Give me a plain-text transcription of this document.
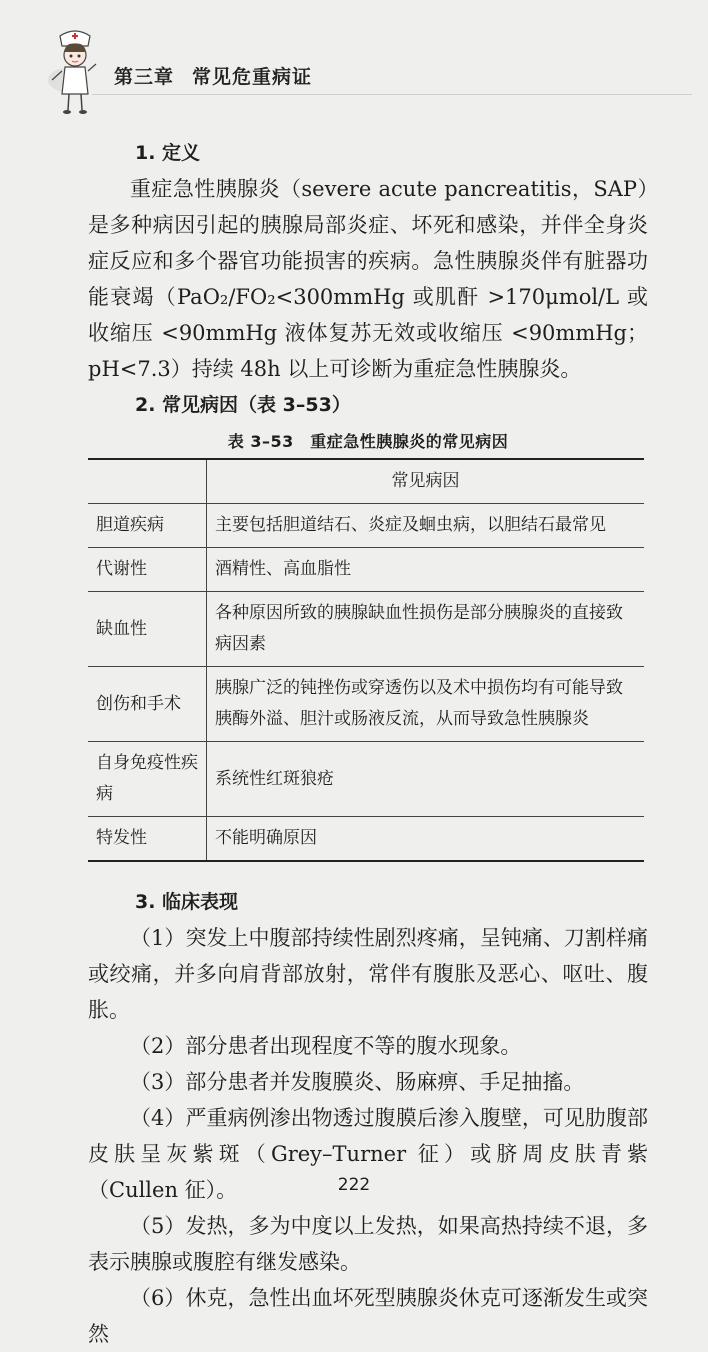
第三章 常见危重病证
1. 定义

重症急性胰腺炎（severe acute pancreatitis，SAP）是多种病因引起的胰腺局部炎症、坏死和感染，并伴全身炎症反应和多个器官功能损害的疾病。急性胰腺炎伴有脏器功能衰竭（PaO₂/FO₂<300mmHg 或肌酐 >170μmol/L 或收缩压 <90mmHg 液体复苏无效或收缩压 <90mmHg；pH<7.3）持续 48h 以上可诊断为重症急性胰腺炎。

2. 常见病因（表 3–53）
表 3–53　重症急性胰腺炎的常见病因
	常见病因
胆道疾病	主要包括胆道结石、炎症及蛔虫病，以胆结石最常见
代谢性	酒精性、高血脂性
缺血性	各种原因所致的胰腺缺血性损伤是部分胰腺炎的直接致病因素
创伤和手术	胰腺广泛的钝挫伤或穿透伤以及术中损伤均有可能导致胰酶外溢、胆汁或肠液反流，从而导致急性胰腺炎
自身免疫性疾病	系统性红斑狼疮
特发性	不能明确原因
3. 临床表现

（1）突发上中腹部持续性剧烈疼痛，呈钝痛、刀割样痛或绞痛，并多向肩背部放射，常伴有腹胀及恶心、呕吐、腹胀。

（2）部分患者出现程度不等的腹水现象。

（3）部分患者并发腹膜炎、肠麻痹、手足抽搐。

（4）严重病例渗出物透过腹膜后渗入腹壁，可见肋腹部皮肤呈灰紫斑（Grey–Turner 征）或脐周皮肤青紫（Cullen 征）。

（5）发热，多为中度以上发热，如果高热持续不退，多表示胰腺或腹腔有继发感染。

（6）休克，急性出血坏死型胰腺炎休克可逐渐发生或突然

222
